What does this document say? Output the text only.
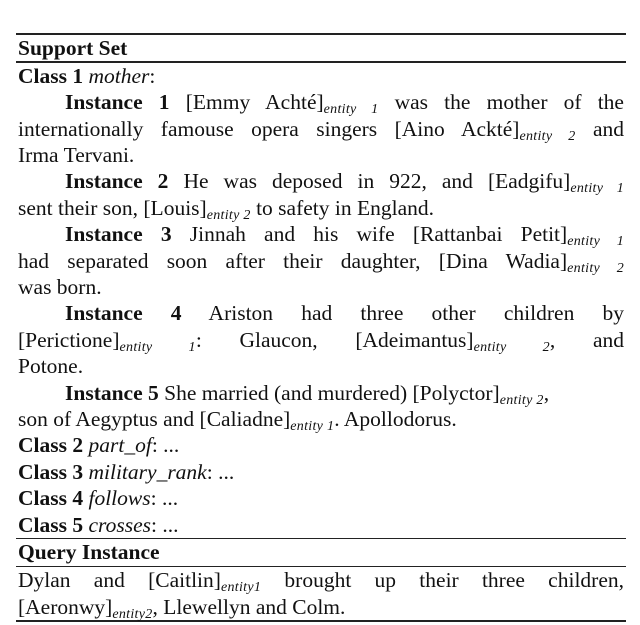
Support Set
Class 1 mother:
Instance 1 [Emmy $Achté]_{entity 1}$ was the mother of the
internationally famouse opera singers [Aino $Ackté]_{entity 2}$ and
Irma Tervani.
Instance 2 He was deposed in 922, and $[Eadgifu]_{entity 1}$
sent their son, $[Louis]_{entity 2}$ to safety in England.
Instance 3 Jinnah and his wife [Rattanbai $Petit]_{entity 1}$
had separated soon after their daughter, [Dina $Wadia]_{entity 2}$
was born.
Instance 4 Ariston had three other children by
$[Perictione]_{entity 1}$: Glaucon, $[Adeimantus]_{entity 2}$, and
Potone.
Instance 5 She married (and murdered) $[Polyctor]_{entity 2}$,
son of Aegyptus and $[Caliadne]_{entity 1}$. Apollodorus.
Class 2 part_of: ...
Class 3 military_rank: ...
Class 4 follows: ...
Class 5 crosses: ...
Query Instance
Dylan and $[Caitlin]_{entity1}$ brought up their three children,
$[Aeronwy]_{entity2}$, Llewellyn and Colm.
